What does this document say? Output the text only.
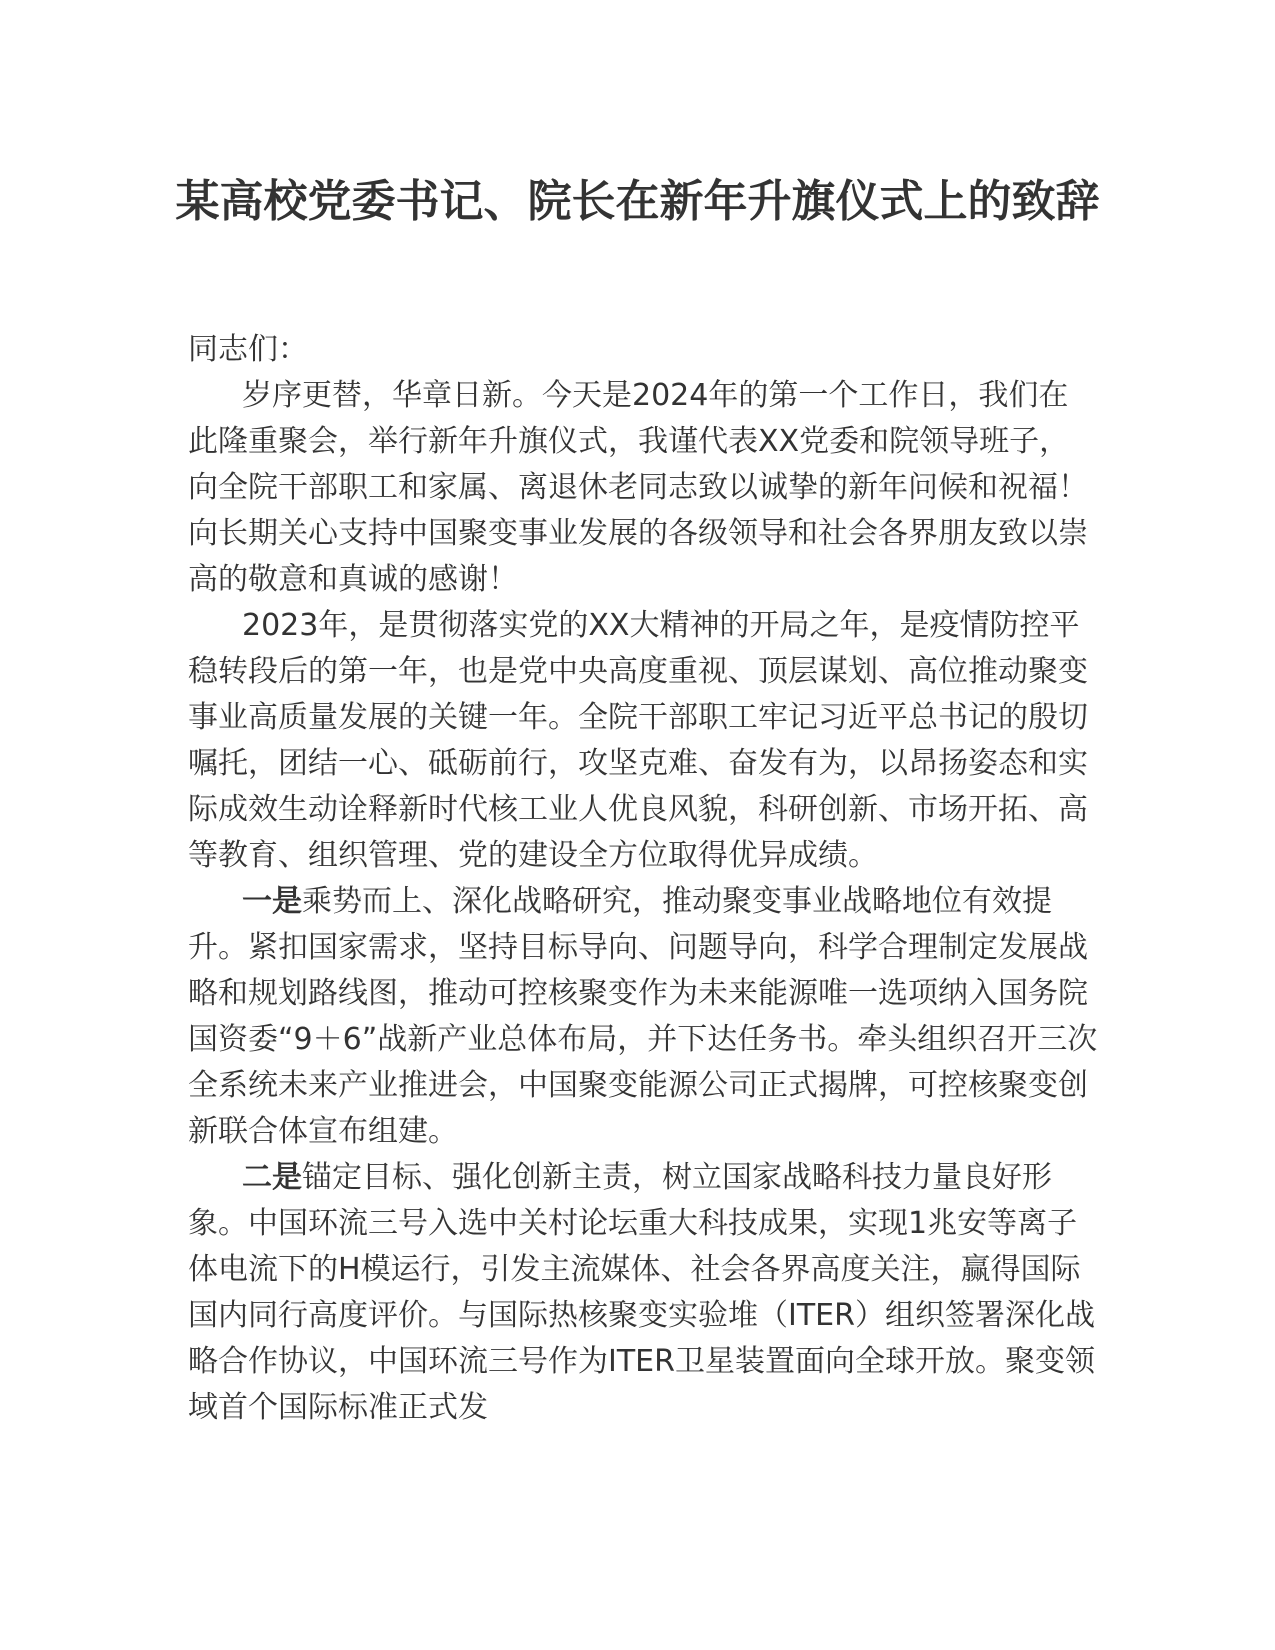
某高校党委书记、院长在新年升旗仪式上的致辞

同志们：

岁序更替，华章日新。今天是2024年的第一个工作日，我们在此隆重聚会，举行新年升旗仪式，我谨代表XX党委和院领导班子，向全院干部职工和家属、离退休老同志致以诚挚的新年问候和祝福！向长期关心支持中国聚变事业发展的各级领导和社会各界朋友致以崇高的敬意和真诚的感谢！

2023年，是贯彻落实党的XX大精神的开局之年，是疫情防控平稳转段后的第一年，也是党中央高度重视、顶层谋划、高位推动聚变事业高质量发展的关键一年。全院干部职工牢记习近平总书记的殷切嘱托，团结一心、砥砺前行，攻坚克难、奋发有为，以昂扬姿态和实际成效生动诠释新时代核工业人优良风貌，科研创新、市场开拓、高等教育、组织管理、党的建设全方位取得优异成绩。

一是乘势而上、深化战略研究，推动聚变事业战略地位有效提升。紧扣国家需求，坚持目标导向、问题导向，科学合理制定发展战略和规划路线图，推动可控核聚变作为未来能源唯一选项纳入国务院国资委“9＋6”战新产业总体布局，并下达任务书。牵头组织召开三次全系统未来产业推进会，中国聚变能源公司正式揭牌，可控核聚变创新联合体宣布组建。

二是锚定目标、强化创新主责，树立国家战略科技力量良好形象。中国环流三号入选中关村论坛重大科技成果，实现1兆安等离子体电流下的H模运行，引发主流媒体、社会各界高度关注，赢得国际国内同行高度评价。与国际热核聚变实验堆（ITER）组织签署深化战略合作协议，中国环流三号作为ITER卫星装置面向全球开放。聚变领域首个国际标准正式发
